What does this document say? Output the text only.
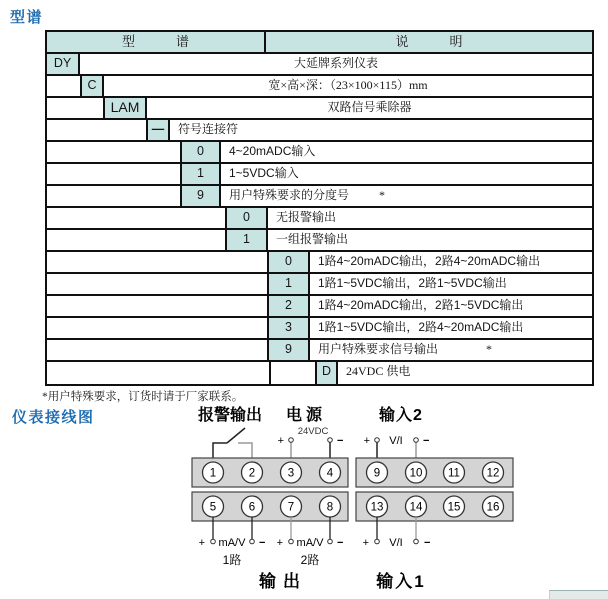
型谱
型　谱	说　明
DY	大延牌系列仪表
C	宽×高×深：（23×100×115）mm
LAM	双路信号乘除器
—	符号连接符
0	4~20mADC输入
1	1~5VDC输入
9	用户特殊要求的分度号	*
0	无报警输出
1	一组报警输出
0	1路4~20mADC输出，2路4~20mADC输出
1	1路1~5VDC输出，2路1~5VDC输出
2	1路4~20mADC输出，2路1~5VDC输出
3	1路1~5VDC输出，2路4~20mADC输出
9	用户特殊要求信号输出	*
D	24VDC 供电
*用户特殊要求，订货时请于厂家联系。
仪表接线图	报警输出 电源	输入2
24VDC
+	− + V/I −
1	2	3	4	9	10 11 12
5	6	7	8	13 14 15 16
+ mA/V − + mA/V − + V/I −
1路	2路
输出	输入1
